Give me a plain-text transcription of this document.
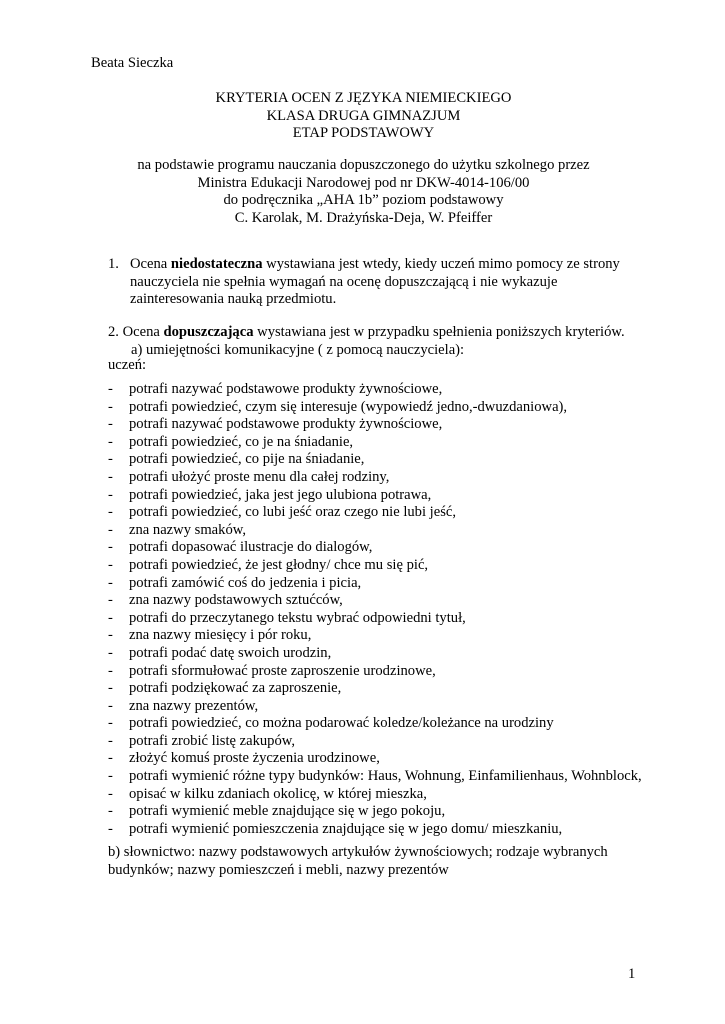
Beata Sieczka
KRYTERIA OCEN Z JĘZYKA NIEMIECKIEGO
KLASA DRUGA GIMNAZJUM
ETAP PODSTAWOWY
na podstawie programu nauczania dopuszczonego do użytku szkolnego przez
Ministra Edukacji Narodowej pod nr DKW-4014-106/00
do podręcznika „AHA 1b” poziom podstawowy
C. Karolak, M. Drażyńska-Deja, W. Pfeiffer
1. Ocena niedostateczna wystawiana jest wtedy, kiedy uczeń mimo pomocy ze strony nauczyciela nie spełnia wymagań na ocenę dopuszczającą i nie wykazuje zainteresowania nauką przedmiotu.
2. Ocena dopuszczająca wystawiana jest w przypadku spełnienia poniższych kryteriów.
a) umiejętności komunikacyjne ( z pomocą nauczyciela):
uczeń:
- potrafi nazywać podstawowe produkty żywnościowe,
- potrafi powiedzieć, czym się interesuje (wypowiedź jedno,-dwuzdaniowa),
- potrafi nazywać podstawowe produkty żywnościowe,
- potrafi powiedzieć, co je na śniadanie,
- potrafi powiedzieć, co pije na śniadanie,
- potrafi ułożyć proste menu dla całej rodziny,
- potrafi powiedzieć, jaka jest jego ulubiona potrawa,
- potrafi powiedzieć, co lubi jeść oraz czego nie lubi jeść,
- zna nazwy smaków,
- potrafi dopasować ilustracje do dialogów,
- potrafi powiedzieć, że jest głodny/ chce mu się pić,
- potrafi zamówić coś do jedzenia i picia,
- zna nazwy podstawowych sztućców,
- potrafi do przeczytanego tekstu wybrać odpowiedni tytuł,
- zna nazwy miesięcy i pór roku,
- potrafi podać datę swoich urodzin,
- potrafi sformułować proste zaproszenie urodzinowe,
- potrafi podziękować za zaproszenie,
- zna nazwy prezentów,
- potrafi powiedzieć, co można podarować koledze/koleżance na urodziny
- potrafi zrobić listę zakupów,
- złożyć komuś proste życzenia urodzinowe,
- potrafi wymienić różne typy budynków: Haus, Wohnung, Einfamilienhaus, Wohnblock,
- opisać w kilku zdaniach okolicę, w której mieszka,
- potrafi wymienić meble znajdujące się w jego pokoju,
- potrafi wymienić pomieszczenia znajdujące się w jego domu/ mieszkaniu,
b) słownictwo: nazwy podstawowych artykułów żywnościowych; rodzaje wybranych budynków; nazwy pomieszczeń i mebli, nazwy prezentów
1
